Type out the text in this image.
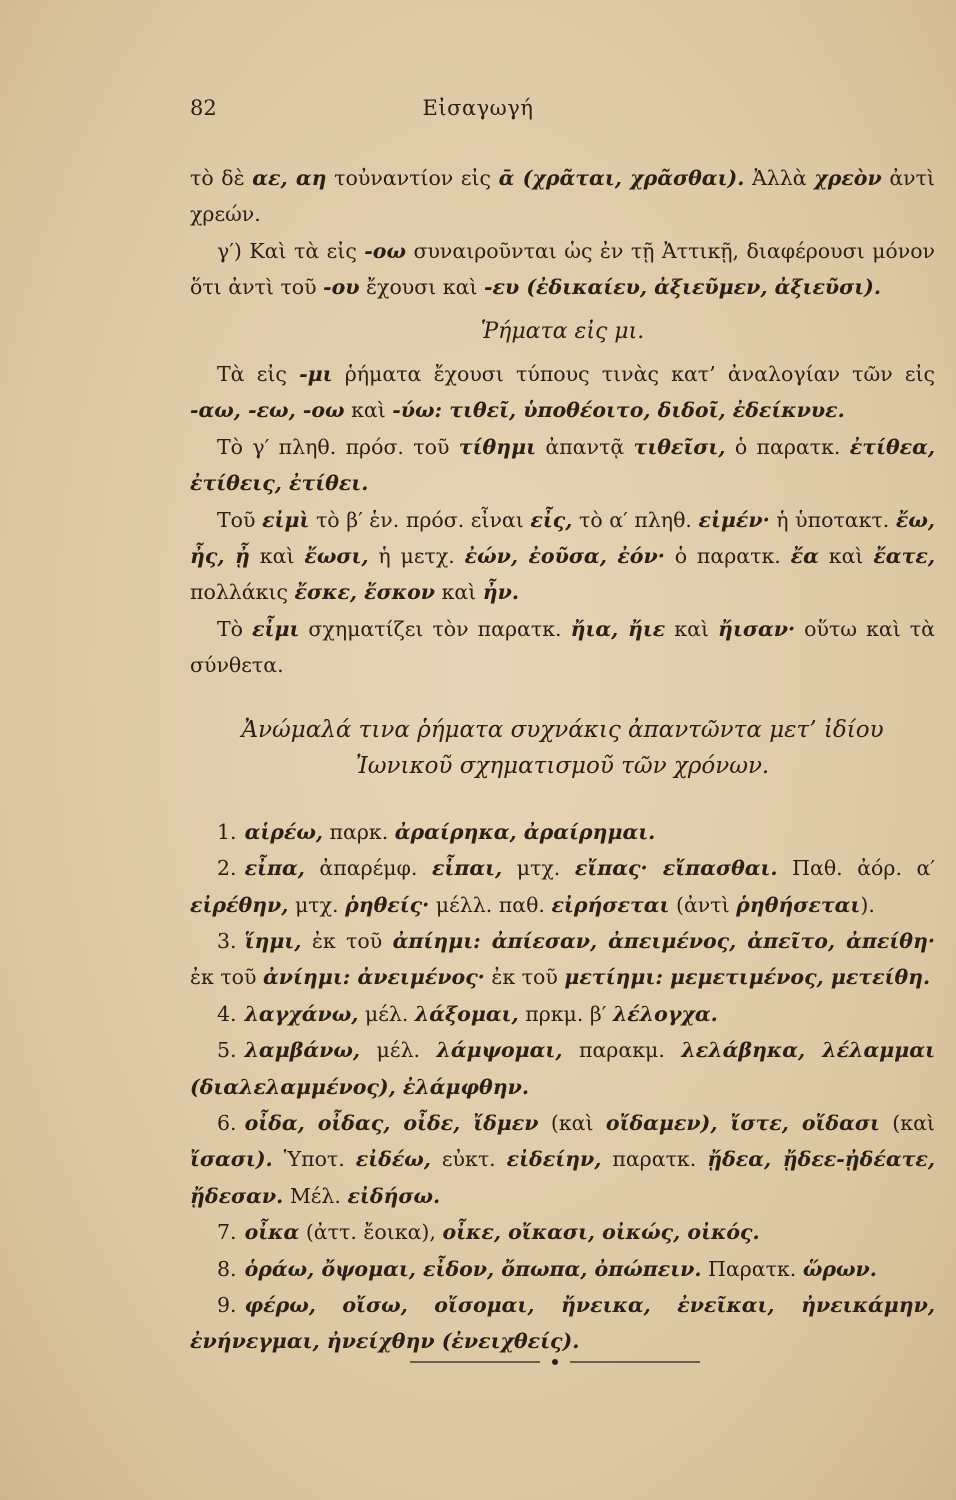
82	Εἰσαγωγή

τὸ δὲ αε, αη τοὐναντίον εἰς ᾱ (χρᾶται, χρᾶσθαι). Ἀλλὰ χρεὸν ἀντὶ χρεών.

γ′) Καὶ τὰ εἰς -οω συναιροῦνται ὡς ἐν τῇ Ἀττικῇ, διαφέρουσι μόνον ὅτι ἀντὶ τοῦ -ου ἔχουσι καὶ -ευ (ἐδικαίευ, ἀξιεῦμεν, ἀξιεῦσι).

Ῥήματα εἰς μι.

Τὰ εἰς -μι ῥήματα ἔχουσι τύπους τινὰς κατ’ ἀναλογίαν τῶν εἰς -αω, -εω, -οω καὶ -ύω: τιθεῖ, ὑποθέοιτο, διδοῖ, ἐδείκνυε.

Τὸ γ′ πληθ. πρόσ. τοῦ τίθημι ἀπαντᾷ τιθεῖσι, ὁ παρατκ. ἐτίθεα, ἐτίθεις, ἐτίθει.

Τοῦ εἰμὶ τὸ β′ ἑν. πρόσ. εἶναι εἶς, τὸ α′ πληθ. εἰμέν· ἡ ὑποτακτ. ἔω, ἦς, ᾖ καὶ ἔωσι, ἡ μετχ. ἐών, ἐοῦσα, ἐόν· ὁ παρατκ. ἔα καὶ ἔατε, πολλάκις ἔσκε, ἔσκον καὶ ἦν.

Τὸ εἶμι σχηματίζει τὸν παρατκ. ἤια, ἤιε καὶ ἤισαν· οὕτω καὶ τὰ σύνθετα.

Ἀνώμαλά τινα ῥήματα συχνάκις ἀπαντῶντα μετ’ ἰδίου

Ἰωνικοῦ σχηματισμοῦ τῶν χρόνων.

1. αἱρέω, παρκ. ἀραίρηκα, ἀραίρημαι.

2. εἶπα, ἀπαρέμφ. εἶπαι, μτχ. εἴπας· εἴπασθαι. Παθ. ἀόρ. α′ εἰρέθην, μτχ. ῥηθείς· μέλλ. παθ. εἰρήσεται (ἀντὶ ῥηθήσεται).

3. ἵημι, ἐκ τοῦ ἀπίημι: ἀπίεσαν, ἀπειμένος, ἀπεῖτο, ἀπείθη· ἐκ τοῦ ἀνίημι: ἀνειμένος· ἐκ τοῦ μετίημι: μεμετιμένος, μετείθη.

4. λαγχάνω, μέλ. λάξομαι, πρκμ. β′ λέλογχα.

5. λαμβάνω, μέλ. λάμψομαι, παρακμ. λελάβηκα, λέλαμμαι (διαλελαμμένος), ἐλάμφθην.

6. οἶδα, οἶδας, οἶδε, ἴδμεν (καὶ οἴδαμεν), ἴστε, οἴδασι (καὶ ἴσασι). Ὑποτ. εἰδέω, εὐκτ. εἰδείην, παρατκ. ᾔδεα, ᾔδεε-ᾐδέατε, ᾔδεσαν. Μέλ. εἰδήσω.

7. οἶκα (ἀττ. ἔοικα), οἶκε, οἴκασι, οἰκώς, οἰκός.

8. ὁράω, ὄψομαι, εἶδον, ὄπωπα, ὀπώπειν. Παρατκ. ὥρων.

9. φέρω, οἴσω, οἴσομαι, ἤνεικα, ἐνεῖκαι, ἠνεικάμην, ἐνήνεγμαι, ἠνείχθην (ἐνειχθείς).
